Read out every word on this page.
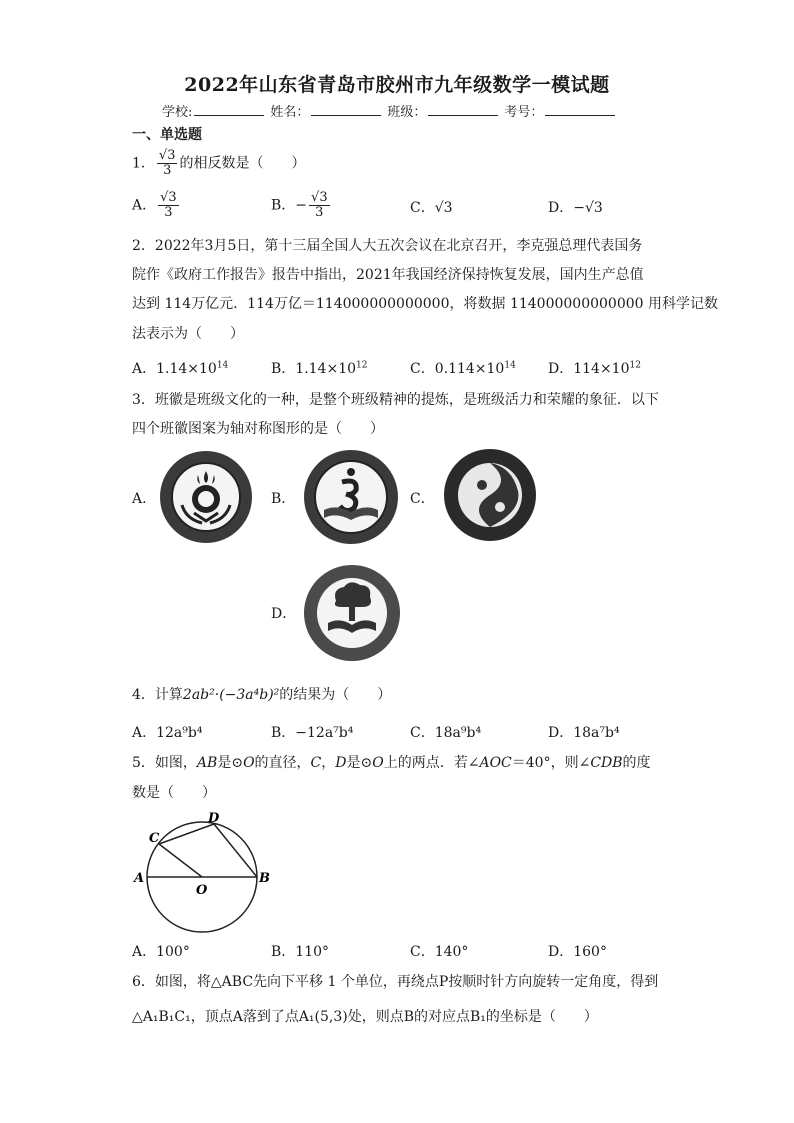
2022年山东省青岛市胶州市九年级数学一模试题
学校:	姓名：	班级：	考号：
一、单选题
1． $\frac{√3}{3}$ 的相反数是（　　）
A． $\frac{√3}{3}$	B．− $\frac{√3}{3}$	C．√3	D．−√3
2．2022年3月5日，第十三届全国人大五次会议在北京召开，李克强总理代表国务
院作《政府工作报告》报告中指出，2021年我国经济保持恢复发展，国内生产总值
达到 114万亿元．114万亿＝114000000000000，将数据 114000000000000 用科学记数
法表示为（　　）
A．$1.14\times 10^{14}$	B．$1.14\times 10^{12}$	C．$0.114\times 10^{14}$ D．$114\times 10^{12}$
3．班徽是班级文化的一种，是整个班级精神的提炼，是班级活力和荣耀的象征．以下
四个班徽图案为轴对称图形的是（　　）
A．	B．	C．
D．
4．计算2ab²·(−3a⁴b)²的结果为（　　）
A．12a⁹b⁴	B．−12a⁷b⁴	C．18a⁹b⁴	D．18a⁷b⁴
5．如图，AB是⊙O的直径，C，D是⊙O上的两点．若∠AOC＝40°，则∠CDB的度
数是（　　）
A	B
C
D
O
A．100°	B．110°	C．140°	D．160°
6．如图，将△ABC先向下平移 1 个单位，再绕点P按顺时针方向旋转一定角度，得到
△A₁B₁C₁，顶点A落到了点A₁(5,3)处，则点B的对应点B₁的坐标是（　　）
